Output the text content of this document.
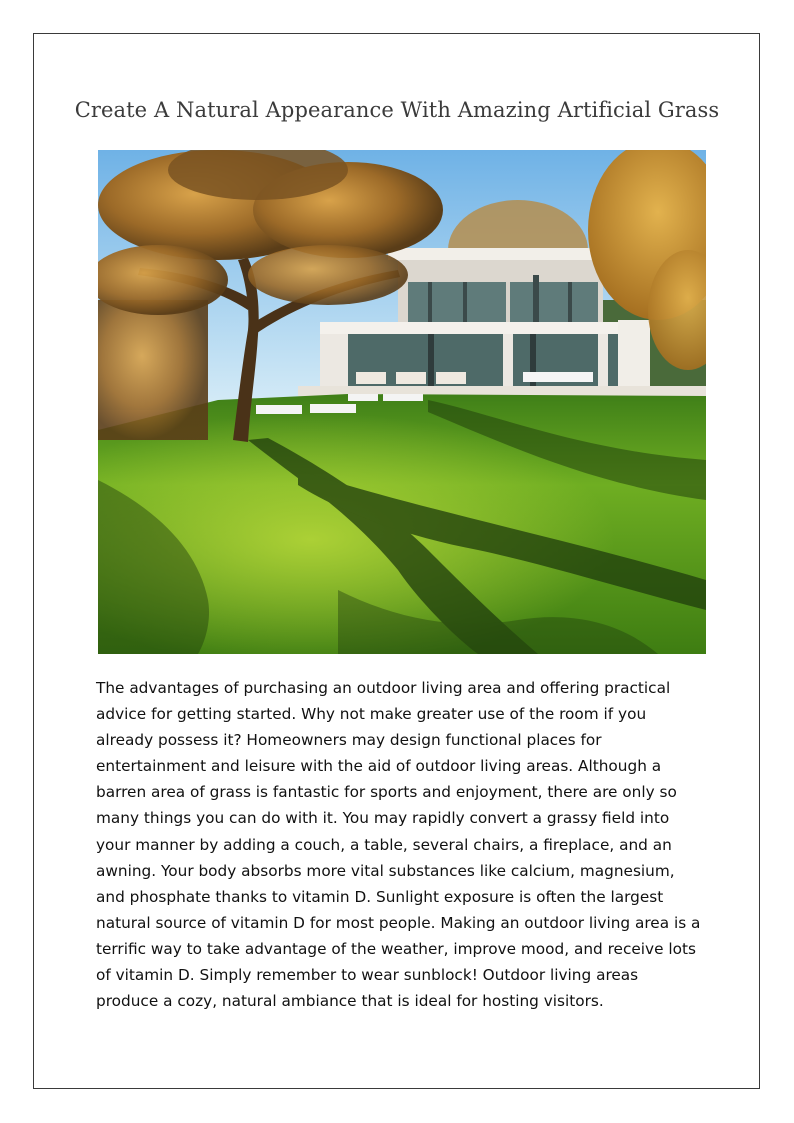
Create A Natural Appearance With Amazing Artificial Grass
The advantages of purchasing an outdoor living area and offering practical advice for getting started. Why not make greater use of the room if you already possess it? Homeowners may design functional places for entertainment and leisure with the aid of outdoor living areas. Although a barren area of grass is fantastic for sports and enjoyment, there are only so many things you can do with it. You may rapidly convert a grassy field into your manner by adding a couch, a table, several chairs, a fireplace, and an awning. Your body absorbs more vital substances like calcium, magnesium, and phosphate thanks to vitamin D. Sunlight exposure is often the largest natural source of vitamin D for most people. Making an outdoor living area is a terrific way to take advantage of the weather, improve mood, and receive lots of vitamin D. Simply remember to wear sunblock! Outdoor living areas produce a cozy, natural ambiance that is ideal for hosting visitors.
